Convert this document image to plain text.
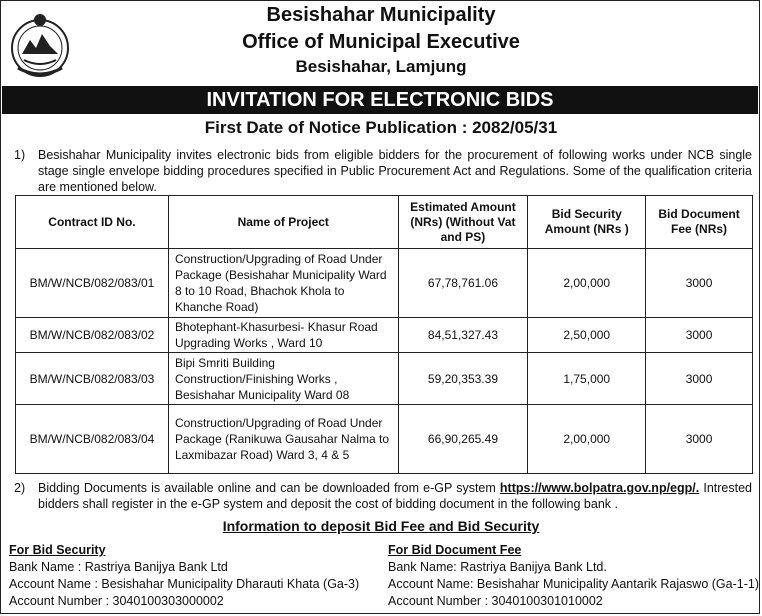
Besishahar Municipality
Office of Municipal Executive
Besishahar, Lamjung
INVITATION FOR ELECTRONIC BIDS
First Date of Notice Publication : 2082/05/31
1) Besishahar Municipality invites electronic bids from eligible bidders for the procurement of following works under NCB single stage single envelope bidding procedures specified in Public Procurement Act and Regulations. Some of the qualification criteria are mentioned below.
Contract ID No.	Name of Project	Estimated Amount (NRs) (Without Vat and PS)	Bid Security Amount (NRs )	Bid Document Fee (NRs)
BM/W/NCB/082/083/01	Construction/Upgrading of Road Under Package (Besishahar Municipality Ward 8 to 10 Road, Bhachok Khola to Khanche Road)	67,78,761.06	2,00,000	3000
BM/W/NCB/082/083/02	Bhotephant-Khasurbesi- Khasur Road Upgrading Works , Ward 10	84,51,327.43	2,50,000	3000
BM/W/NCB/082/083/03	Bipi Smriti Building Construction/Finishing Works , Besishahar Municipality Ward 08	59,20,353.39	1,75,000	3000
BM/W/NCB/082/083/04	Construction/Upgrading of Road Under Package (Ranikuwa Gausahar Nalma to Laxmibazar Road) Ward 3, 4 & 5	66,90,265.49	2,00,000	3000
2) Bidding Documents is available online and can be downloaded from e-GP system https://www.bolpatra.gov.np/egp/. Intrested bidders shall register in the e-GP system and deposit the cost of bidding document in the following bank .
Information to deposit Bid Fee and Bid Security
For Bid Security
Bank Name : Rastriya Banijya Bank Ltd
Account Name : Besishahar Municipality Dharauti Khata (Ga-3)
Account Number : 3040100303000002
For Bid Document Fee
Bank Name: Rastriya Banijya Bank Ltd.
Account Name: Besishahar Municipality Aantarik Rajaswo (Ga-1-1)
Account Number : 3040100301010002
